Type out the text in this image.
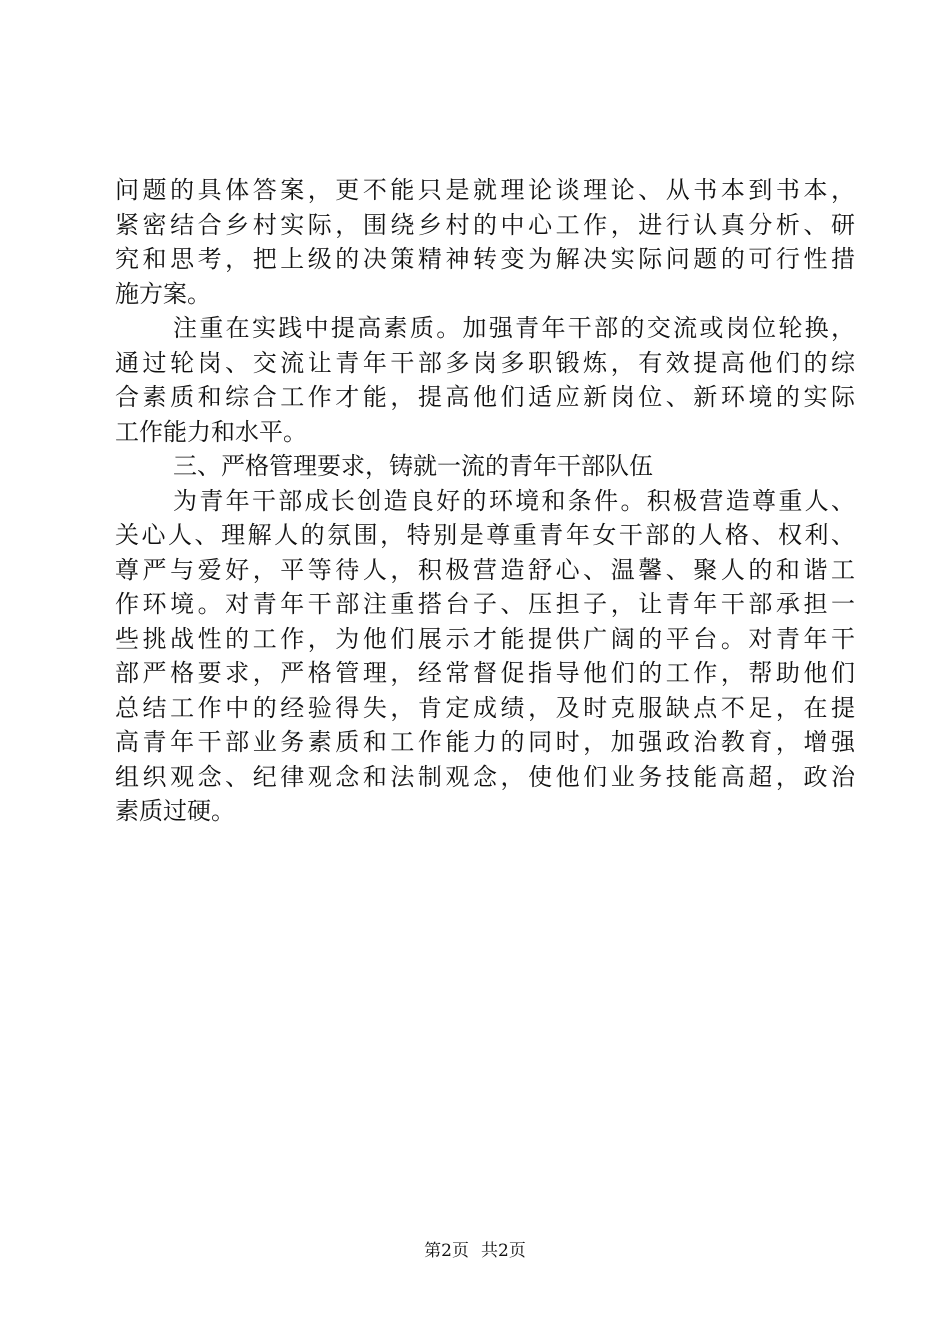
问题的具体答案，更不能只是就理论谈理论、从书本到书本，
紧密结合乡村实际，围绕乡村的中心工作，进行认真分析、研
究和思考，把上级的决策精神转变为解决实际问题的可行性措
施方案。
注重在实践中提高素质。加强青年干部的交流或岗位轮换，
通过轮岗、交流让青年干部多岗多职锻炼，有效提高他们的综
合素质和综合工作才能，提高他们适应新岗位、新环境的实际
工作能力和水平。
三、严格管理要求，铸就一流的青年干部队伍
为青年干部成长创造良好的环境和条件。积极营造尊重人、
关心人、理解人的氛围，特别是尊重青年女干部的人格、权利、
尊严与爱好，平等待人，积极营造舒心、温馨、聚人的和谐工
作环境。对青年干部注重搭台子、压担子，让青年干部承担一
些挑战性的工作，为他们展示才能提供广阔的平台。对青年干
部严格要求，严格管理，经常督促指导他们的工作，帮助他们
总结工作中的经验得失，肯定成绩，及时克服缺点不足，在提
高青年干部业务素质和工作能力的同时，加强政治教育，增强
组织观念、纪律观念和法制观念，使他们业务技能高超，政治
素质过硬。
第2页 共2页
